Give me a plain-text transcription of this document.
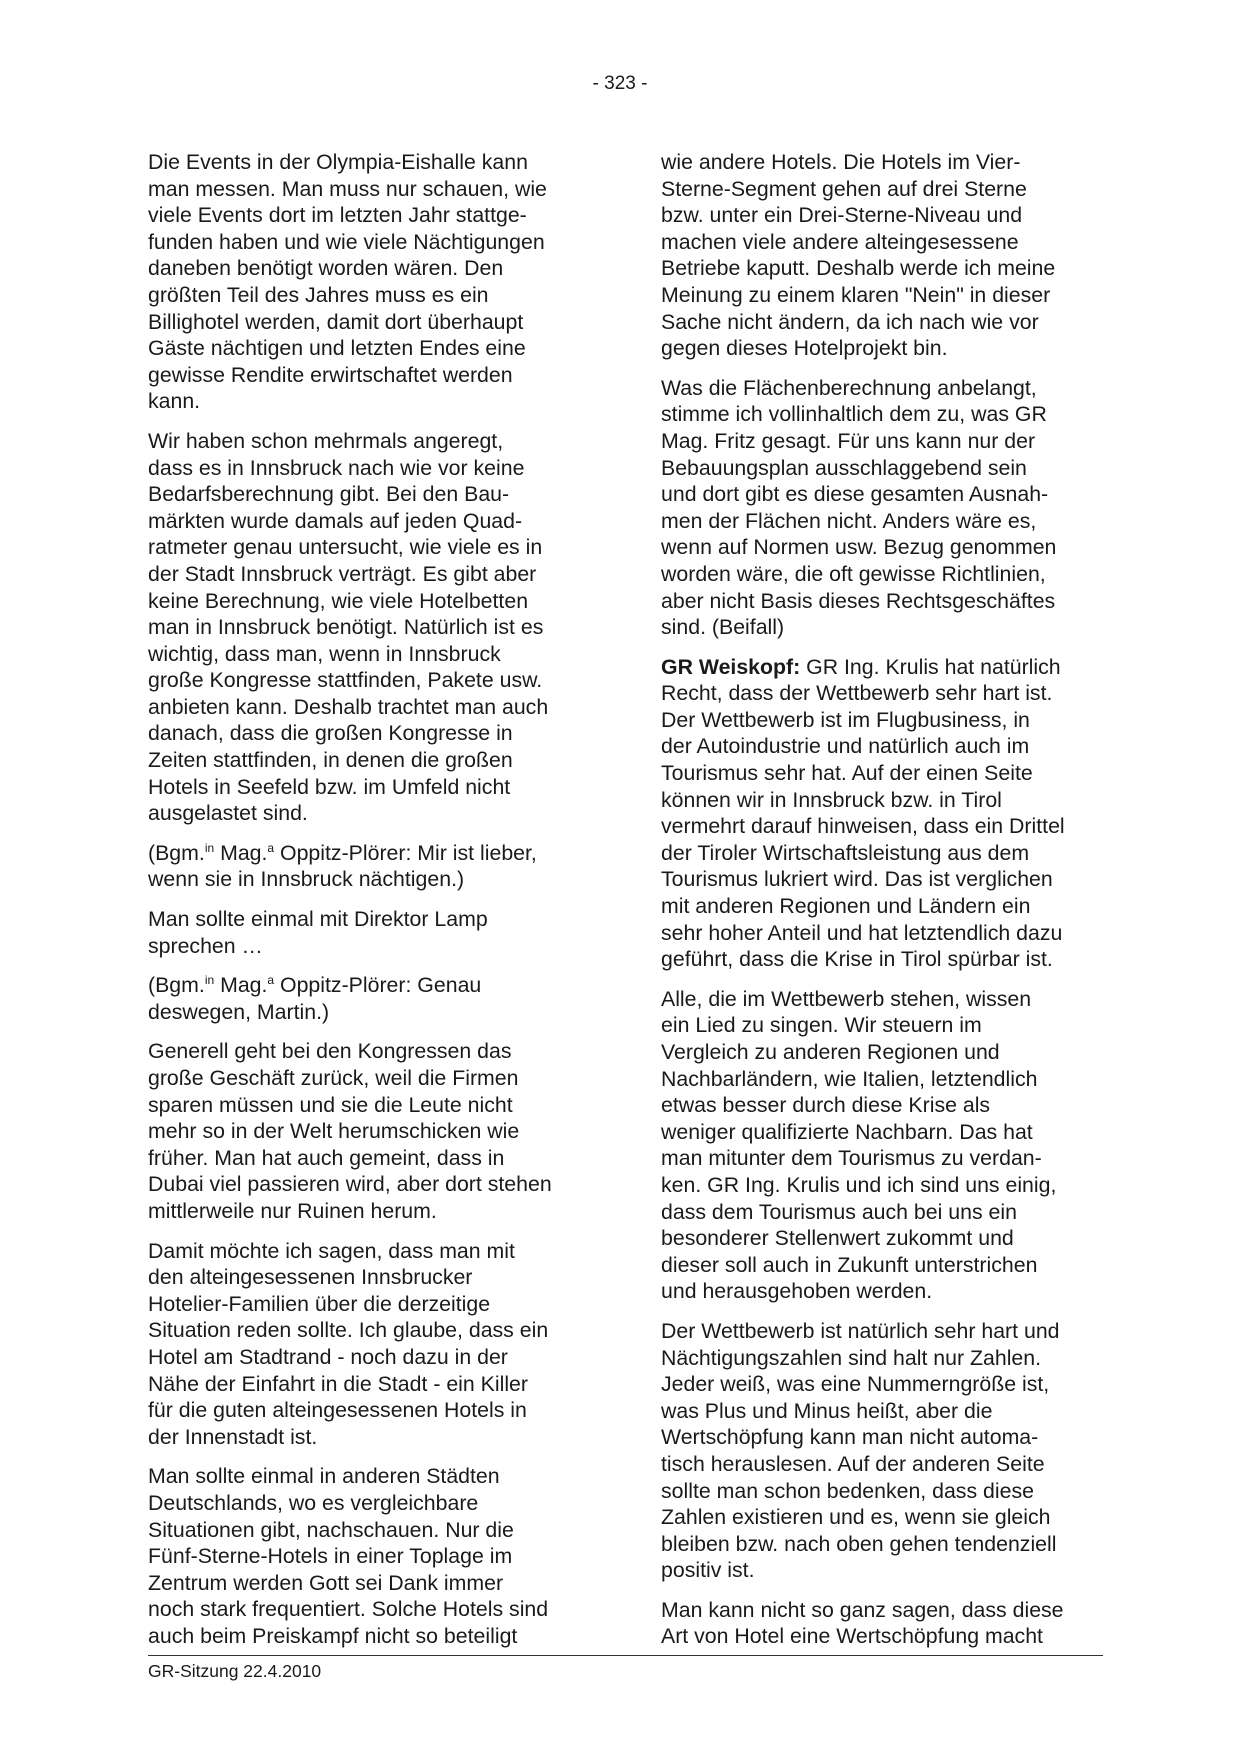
- 323 -

Die Events in der Olympia-Eishalle kann
man messen. Man muss nur schauen, wie
viele Events dort im letzten Jahr stattge-
funden haben und wie viele Nächtigungen
daneben benötigt worden wären. Den
größten Teil des Jahres muss es ein
Billighotel werden, damit dort überhaupt
Gäste nächtigen und letzten Endes eine
gewisse Rendite erwirtschaftet werden
kann.

Wir haben schon mehrmals angeregt,
dass es in Innsbruck nach wie vor keine
Bedarfsberechnung gibt. Bei den Bau-
märkten wurde damals auf jeden Quad-
ratmeter genau untersucht, wie viele es in
der Stadt Innsbruck verträgt. Es gibt aber
keine Berechnung, wie viele Hotelbetten
man in Innsbruck benötigt. Natürlich ist es
wichtig, dass man, wenn in Innsbruck
große Kongresse stattfinden, Pakete usw.
anbieten kann. Deshalb trachtet man auch
danach, dass die großen Kongresse in
Zeiten stattfinden, in denen die großen
Hotels in Seefeld bzw. im Umfeld nicht
ausgelastet sind.

(Bgm.$^{in}$ Mag.$^a$ Oppitz-Plörer: Mir ist lieber,
wenn sie in Innsbruck nächtigen.)

Man sollte einmal mit Direktor Lamp
sprechen …

(Bgm.$^{in}$ Mag.$^a$ Oppitz-Plörer: Genau
deswegen, Martin.)

Generell geht bei den Kongressen das
große Geschäft zurück, weil die Firmen
sparen müssen und sie die Leute nicht
mehr so in der Welt herumschicken wie
früher. Man hat auch gemeint, dass in
Dubai viel passieren wird, aber dort stehen
mittlerweile nur Ruinen herum.

Damit möchte ich sagen, dass man mit
den alteingesessenen Innsbrucker
Hotelier-Familien über die derzeitige
Situation reden sollte. Ich glaube, dass ein
Hotel am Stadtrand - noch dazu in der
Nähe der Einfahrt in die Stadt - ein Killer
für die guten alteingesessenen Hotels in
der Innenstadt ist.

Man sollte einmal in anderen Städten
Deutschlands, wo es vergleichbare
Situationen gibt, nachschauen. Nur die
Fünf-Sterne-Hotels in einer Toplage im
Zentrum werden Gott sei Dank immer
noch stark frequentiert. Solche Hotels sind
auch beim Preiskampf nicht so beteiligt

wie andere Hotels. Die Hotels im Vier-
Sterne-Segment gehen auf drei Sterne
bzw. unter ein Drei-Sterne-Niveau und
machen viele andere alteingesessene
Betriebe kaputt. Deshalb werde ich meine
Meinung zu einem klaren "Nein" in dieser
Sache nicht ändern, da ich nach wie vor
gegen dieses Hotelprojekt bin.

Was die Flächenberechnung anbelangt,
stimme ich vollinhaltlich dem zu, was GR
Mag. Fritz gesagt. Für uns kann nur der
Bebauungsplan ausschlaggebend sein
und dort gibt es diese gesamten Ausnah-
men der Flächen nicht. Anders wäre es,
wenn auf Normen usw. Bezug genommen
worden wäre, die oft gewisse Richtlinien,
aber nicht Basis dieses Rechtsgeschäftes
sind. (Beifall)

GR Weiskopf: GR Ing. Krulis hat natürlich
Recht, dass der Wettbewerb sehr hart ist.
Der Wettbewerb ist im Flugbusiness, in
der Autoindustrie und natürlich auch im
Tourismus sehr hat. Auf der einen Seite
können wir in Innsbruck bzw. in Tirol
vermehrt darauf hinweisen, dass ein Drittel
der Tiroler Wirtschaftsleistung aus dem
Tourismus lukriert wird. Das ist verglichen
mit anderen Regionen und Ländern ein
sehr hoher Anteil und hat letztendlich dazu
geführt, dass die Krise in Tirol spürbar ist.

Alle, die im Wettbewerb stehen, wissen
ein Lied zu singen. Wir steuern im
Vergleich zu anderen Regionen und
Nachbarländern, wie Italien, letztendlich
etwas besser durch diese Krise als
weniger qualifizierte Nachbarn. Das hat
man mitunter dem Tourismus zu verdan-
ken. GR Ing. Krulis und ich sind uns einig,
dass dem Tourismus auch bei uns ein
besonderer Stellenwert zukommt und
dieser soll auch in Zukunft unterstrichen
und herausgehoben werden.

Der Wettbewerb ist natürlich sehr hart und
Nächtigungszahlen sind halt nur Zahlen.
Jeder weiß, was eine Nummerngröße ist,
was Plus und Minus heißt, aber die
Wertschöpfung kann man nicht automa-
tisch herauslesen. Auf der anderen Seite
sollte man schon bedenken, dass diese
Zahlen existieren und es, wenn sie gleich
bleiben bzw. nach oben gehen tendenziell
positiv ist.

Man kann nicht so ganz sagen, dass diese
Art von Hotel eine Wertschöpfung macht

GR-Sitzung 22.4.2010
